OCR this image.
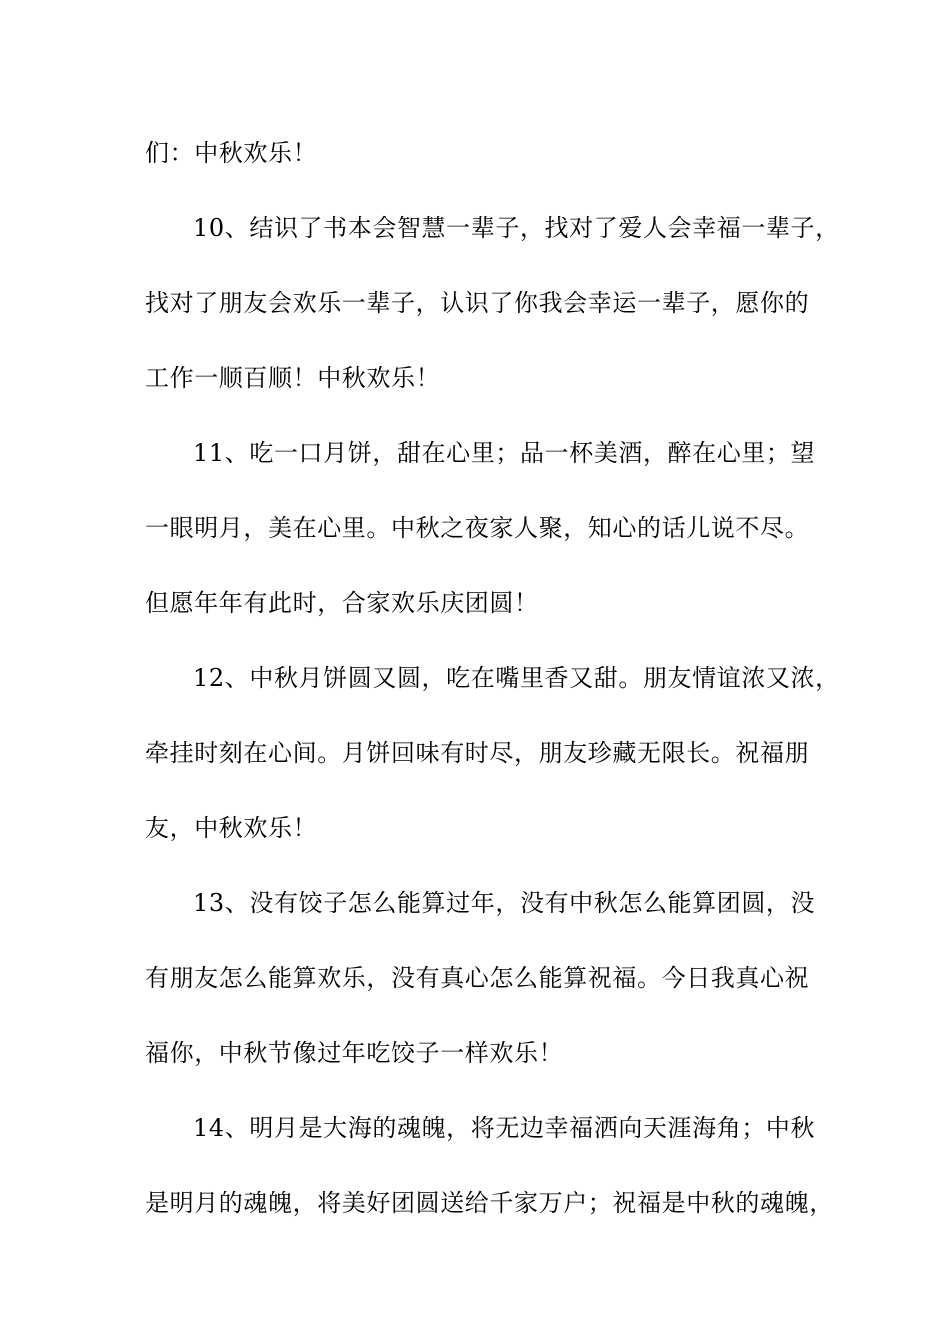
们：中秋欢乐！
10、结识了书本会智慧一辈子，找对了爱人会幸福一辈子，
找对了朋友会欢乐一辈子，认识了你我会幸运一辈子，愿你的
工作一顺百顺！中秋欢乐！
11、吃一口月饼，甜在心里；品一杯美酒，醉在心里；望
一眼明月，美在心里。中秋之夜家人聚，知心的话儿说不尽。
但愿年年有此时，合家欢乐庆团圆！
12、中秋月饼圆又圆，吃在嘴里香又甜。朋友情谊浓又浓，
牵挂时刻在心间。月饼回味有时尽，朋友珍藏无限长。祝福朋
友，中秋欢乐！
13、没有饺子怎么能算过年，没有中秋怎么能算团圆，没
有朋友怎么能算欢乐，没有真心怎么能算祝福。今日我真心祝
福你，中秋节像过年吃饺子一样欢乐！
14、明月是大海的魂魄，将无边幸福洒向天涯海角；中秋
是明月的魂魄，将美好团圆送给千家万户；祝福是中秋的魂魄，
